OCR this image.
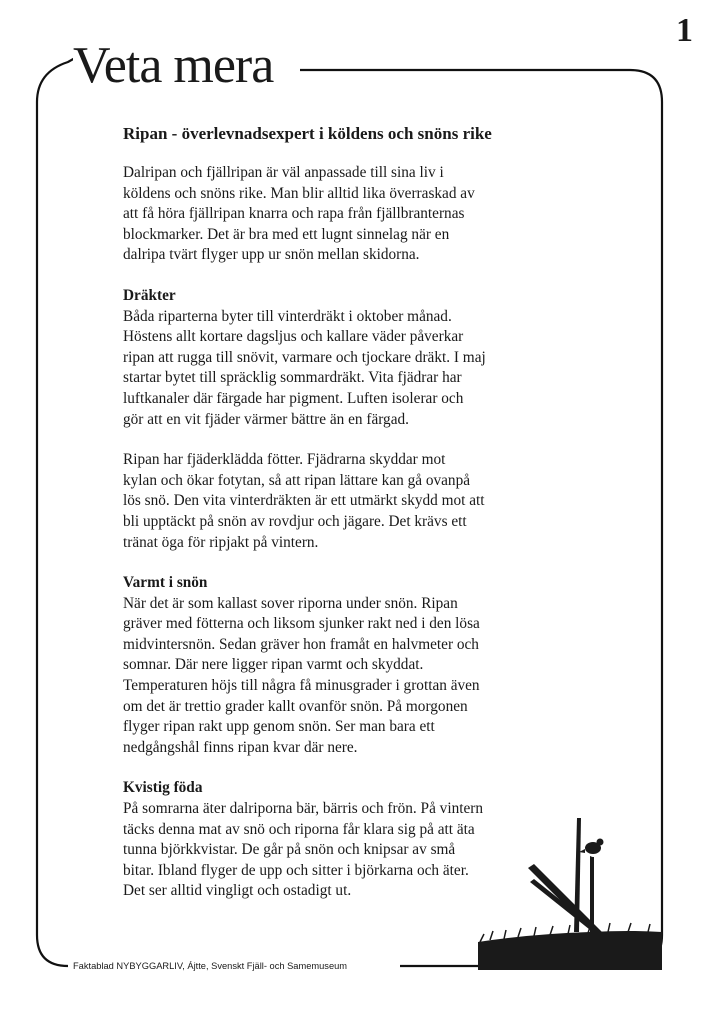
1
Veta mera
Ripan - överlevnadsexpert i köldens och snöns rike

Dalripan och fjällripan är väl anpassade till sina liv i
köldens och snöns rike. Man blir alltid lika överraskad av
att få höra fjällripan knarra och rapa från fjällbranternas
blockmarker. Det är bra med ett lugnt sinnelag när en
dalripa tvärt flyger upp ur snön mellan skidorna.

Dräkter
Båda riparterna byter till vinterdräkt i oktober månad.
Höstens allt kortare dagsljus och kallare väder påverkar
ripan att rugga till snövit, varmare och tjockare dräkt. I maj
startar bytet till spräcklig sommardräkt. Vita fjädrar har
luftkanaler där färgade har pigment. Luften isolerar och
gör att en vit fjäder värmer bättre än en färgad.

Ripan har fjäderklädda fötter. Fjädrarna skyddar mot
kylan och ökar fotytan, så att ripan lättare kan gå ovanpå
lös snö. Den vita vinterdräkten är ett utmärkt skydd mot att
bli upptäckt på snön av rovdjur och jägare. Det krävs ett
tränat öga för ripjakt på vintern.

Varmt i snön
När det är som kallast sover riporna under snön. Ripan
gräver med fötterna och liksom sjunker rakt ned i den lösa
midvintersnön. Sedan gräver hon framåt en halvmeter och
somnar. Där nere ligger ripan varmt och skyddat.
Temperaturen höjs till några få minusgrader i grottan även
om det är trettio grader kallt ovanför snön. På morgonen
flyger ripan rakt upp genom snön. Ser man bara ett
nedgångshål finns ripan kvar där nere.

Kvistig föda
På somrarna äter dalriporna bär, bärris och frön. På vintern
täcks denna mat av snö och riporna får klara sig på att äta
tunna björkkvistar. De går på snön och knipsar av små
bitar. Ibland flyger de upp och sitter i björkarna och äter.
Det ser alltid vingligt och ostadigt ut.

Faktablad NYBYGGARLIV, Ájtte, Svenskt Fjäll- och Samemuseum
